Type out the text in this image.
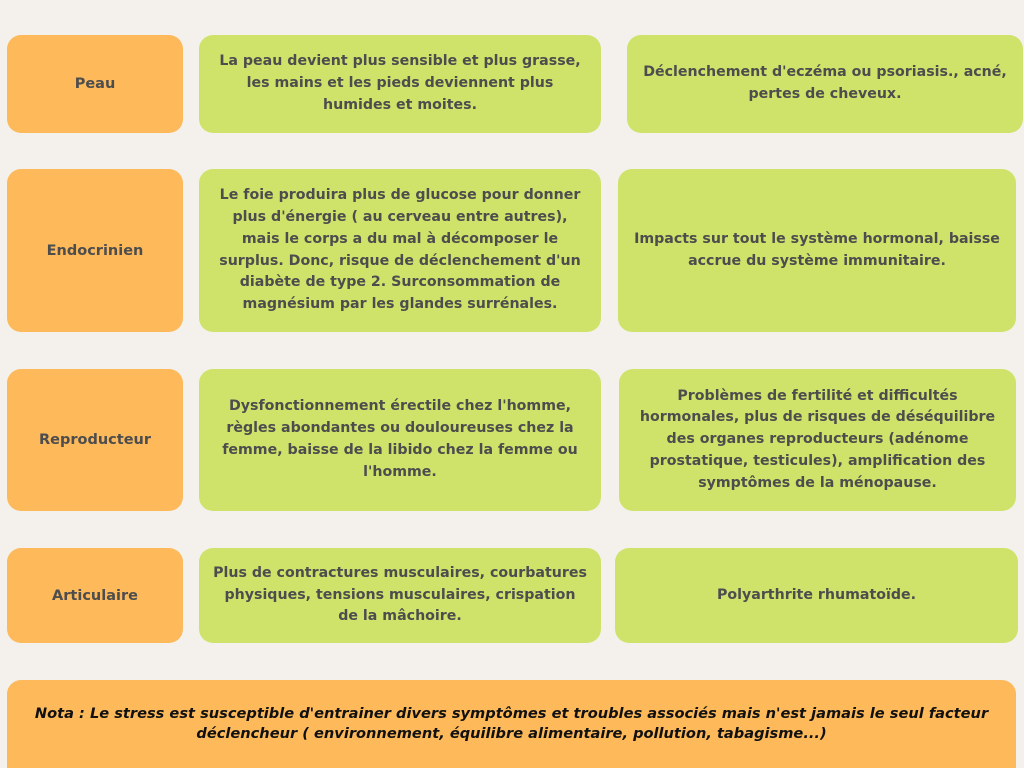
Peau
La peau devient plus sensible et plus grasse, les mains et les pieds deviennent plus humides et moites.
Déclenchement d'eczéma ou psoriasis., acné, pertes de cheveux.
Endocrinien
Le foie produira plus de glucose pour donner plus d'énergie ( au cerveau entre autres), mais le corps a du mal à décomposer le surplus. Donc, risque de déclenchement d'un diabète de type 2. Surconsommation de magnésium par les glandes surrénales.
Impacts sur tout le système hormonal, baisse accrue du système immunitaire.
Reproducteur
Dysfonctionnement érectile chez l'homme, règles abondantes ou douloureuses chez la femme, baisse de la libido chez la femme ou l'homme.
Problèmes de fertilité et difficultés hormonales, plus de risques de déséquilibre des organes reproducteurs (adénome prostatique, testicules), amplification des symptômes de la ménopause.
Articulaire
Plus de contractures musculaires, courbatures physiques, tensions musculaires, crispation de la mâchoire.
Polyarthrite rhumatoïde.
Nota : Le stress est susceptible d'entrainer divers symptômes et troubles associés mais n'est jamais le seul facteur déclencheur ( environnement, équilibre alimentaire, pollution, tabagisme...)
